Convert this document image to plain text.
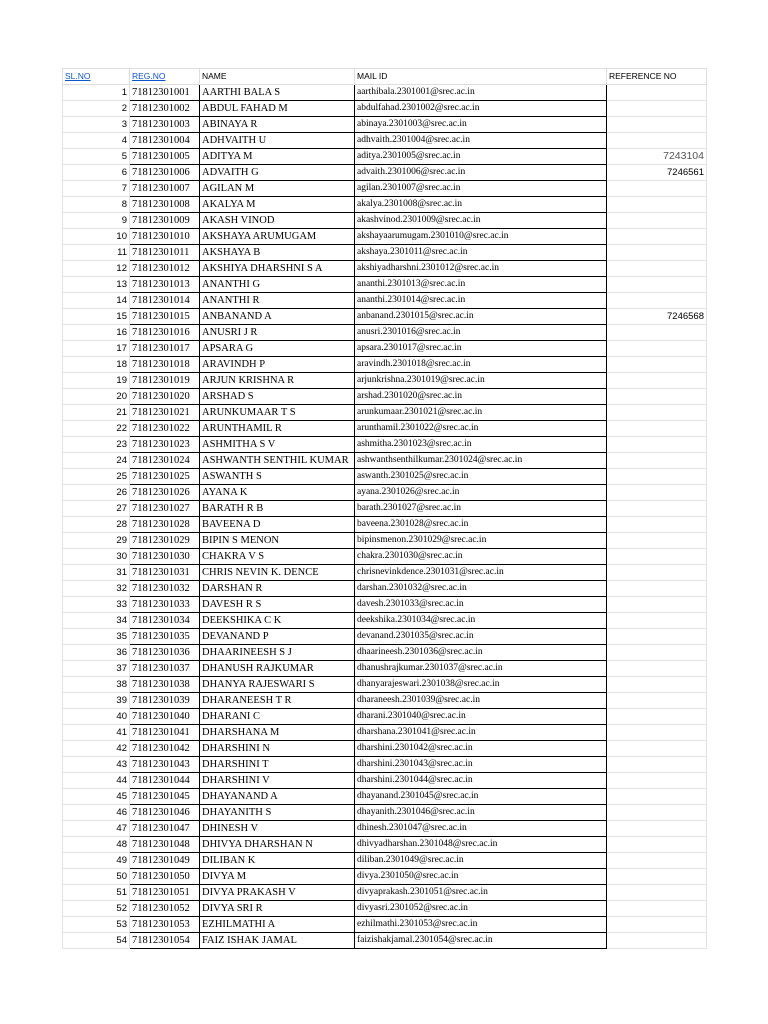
SL.NO	REG.NO	NAME	MAIL ID	REFERENCE NO
1	71812301001	AARTHI BALA S	aarthibala.2301001@srec.ac.in	
2	71812301002	ABDUL FAHAD M	abdulfahad.2301002@srec.ac.in	
3	71812301003	ABINAYA R	abinaya.2301003@srec.ac.in	
4	71812301004	ADHVAITH U	adhvaith.2301004@srec.ac.in	
5	71812301005	ADITYA M	aditya.2301005@srec.ac.in	7243104
6	71812301006	ADVAITH G	advaith.2301006@srec.ac.in	7246561
7	71812301007	AGILAN M	agilan.2301007@srec.ac.in	
8	71812301008	AKALYA M	akalya.2301008@srec.ac.in	
9	71812301009	AKASH VINOD	akashvinod.2301009@srec.ac.in	
10	71812301010	AKSHAYA ARUMUGAM	akshayaarumugam.2301010@srec.ac.in	
11	71812301011	AKSHAYA B	akshaya.2301011@srec.ac.in	
12	71812301012	AKSHIYA DHARSHNI S A	akshiyadharshni.2301012@srec.ac.in	
13	71812301013	ANANTHI G	ananthi.2301013@srec.ac.in	
14	71812301014	ANANTHI R	ananthi.2301014@srec.ac.in	
15	71812301015	ANBANAND A	anbanand.2301015@srec.ac.in	7246568
16	71812301016	ANUSRI J R	anusri.2301016@srec.ac.in	
17	71812301017	APSARA G	apsara.2301017@srec.ac.in	
18	71812301018	ARAVINDH P	aravindh.2301018@srec.ac.in	
19	71812301019	ARJUN KRISHNA R	arjunkrishna.2301019@srec.ac.in	
20	71812301020	ARSHAD S	arshad.2301020@srec.ac.in	
21	71812301021	ARUNKUMAAR T S	arunkumaar.2301021@srec.ac.in	
22	71812301022	ARUNTHAMIL R	arunthamil.2301022@srec.ac.in	
23	71812301023	ASHMITHA S V	ashmitha.2301023@srec.ac.in	
24	71812301024	ASHWANTH SENTHIL KUMAR	ashwanthsenthilkumar.2301024@srec.ac.in	
25	71812301025	ASWANTH S	aswanth.2301025@srec.ac.in	
26	71812301026	AYANA K	ayana.2301026@srec.ac.in	
27	71812301027	BARATH R B	barath.2301027@srec.ac.in	
28	71812301028	BAVEENA D	baveena.2301028@srec.ac.in	
29	71812301029	BIPIN S MENON	bipinsmenon.2301029@srec.ac.in	
30	71812301030	CHAKRA V S	chakra.2301030@srec.ac.in	
31	71812301031	CHRIS NEVIN K. DENCE	chrisnevinkdence.2301031@srec.ac.in	
32	71812301032	DARSHAN R	darshan.2301032@srec.ac.in	
33	71812301033	DAVESH R S	davesh.2301033@srec.ac.in	
34	71812301034	DEEKSHIKA C K	deekshika.2301034@srec.ac.in	
35	71812301035	DEVANAND P	devanand.2301035@srec.ac.in	
36	71812301036	DHAARINEESH S J	dhaarineesh.2301036@srec.ac.in	
37	71812301037	DHANUSH RAJKUMAR	dhanushrajkumar.2301037@srec.ac.in	
38	71812301038	DHANYA RAJESWARI S	dhanyarajeswari.2301038@srec.ac.in	
39	71812301039	DHARANEESH T R	dharaneesh.2301039@srec.ac.in	
40	71812301040	DHARANI C	dharani.2301040@srec.ac.in	
41	71812301041	DHARSHANA M	dharshana.2301041@srec.ac.in	
42	71812301042	DHARSHINI N	dharshini.2301042@srec.ac.in	
43	71812301043	DHARSHINI T	dharshini.2301043@srec.ac.in	
44	71812301044	DHARSHINI V	dharshini.2301044@srec.ac.in	
45	71812301045	DHAYANAND A	dhayanand.2301045@srec.ac.in	
46	71812301046	DHAYANITH S	dhayanith.2301046@srec.ac.in	
47	71812301047	DHINESH V	dhinesh.2301047@srec.ac.in	
48	71812301048	DHIVYA DHARSHAN N	dhivyadharshan.2301048@srec.ac.in	
49	71812301049	DILIBAN K	diliban.2301049@srec.ac.in	
50	71812301050	DIVYA M	divya.2301050@srec.ac.in	
51	71812301051	DIVYA PRAKASH V	divyaprakash.2301051@srec.ac.in	
52	71812301052	DIVYA SRI R	divyasri.2301052@srec.ac.in	
53	71812301053	EZHILMATHI A	ezhilmathi.2301053@srec.ac.in	
54	71812301054	FAIZ ISHAK JAMAL	faizishakjamal.2301054@srec.ac.in	
